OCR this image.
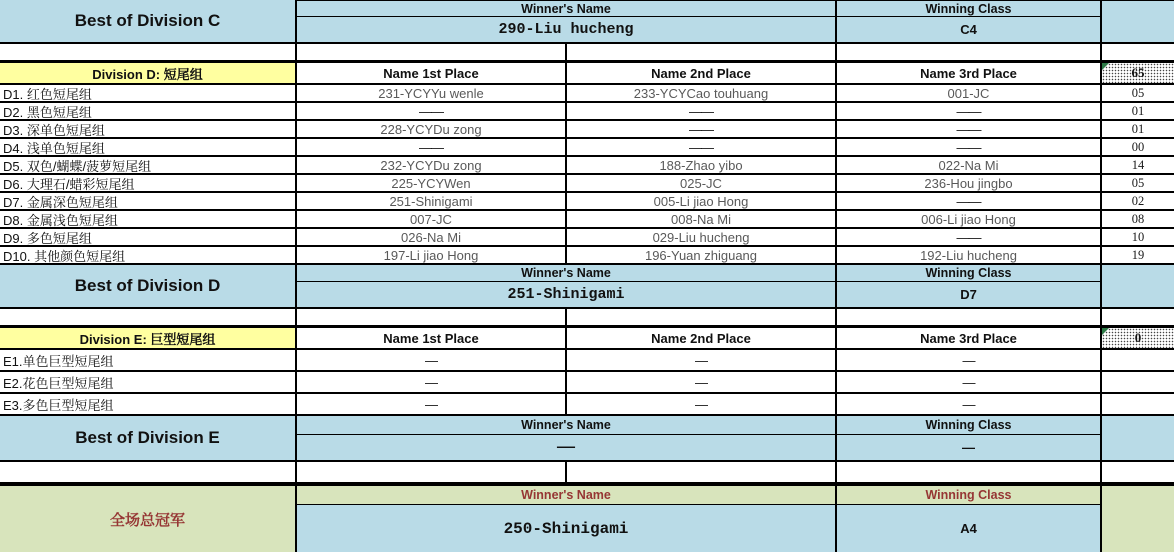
Best of Division C
Winner's Name	Winning Class
290-Liu hucheng	C4
Division D: 短尾组	Name 1st Place	Name 2nd Place	Name 3rd Place	65
D1. 红色短尾组	231-YCYYu wenle	233-YCYCao touhuang	001-JC	05
D2. 黑色短尾组	——	——	——	01
D3. 深单色短尾组	228-YCYDu zong	——	——	01
D4. 浅单色短尾组	——	——	——	00
D5. 双色/蝴蝶/菠萝短尾组	232-YCYDu zong	188-Zhao yibo	022-Na Mi	14
D6. 大理石/蜡彩短尾组	225-YCYWen	025-JC	236-Hou jingbo	05
D7. 金属深色短尾组	251-Shinigami	005-Li jiao Hong	——	02
D8. 金属浅色短尾组	007-JC	008-Na Mi	006-Li jiao Hong	08
D9. 多色短尾组	026-Na Mi	029-Liu hucheng	——	10
D10. 其他颜色短尾组	197-Li jiao Hong	196-Yuan zhiguang	192-Liu hucheng	19
Best of Division D
Winner's Name	Winning Class
251-Shinigami	D7
Division E: 巨型短尾组	Name 1st Place	Name 2nd Place	Name 3rd Place	0
E1.单色巨型短尾组	—	—	—
E2.花色巨型短尾组	—	—	—
E3.多色巨型短尾组	—	—	—
Best of Division E
Winner's Name	Winning Class
——	—
全场总冠军
Winner's Name	Winning Class
250-Shinigami	A4
